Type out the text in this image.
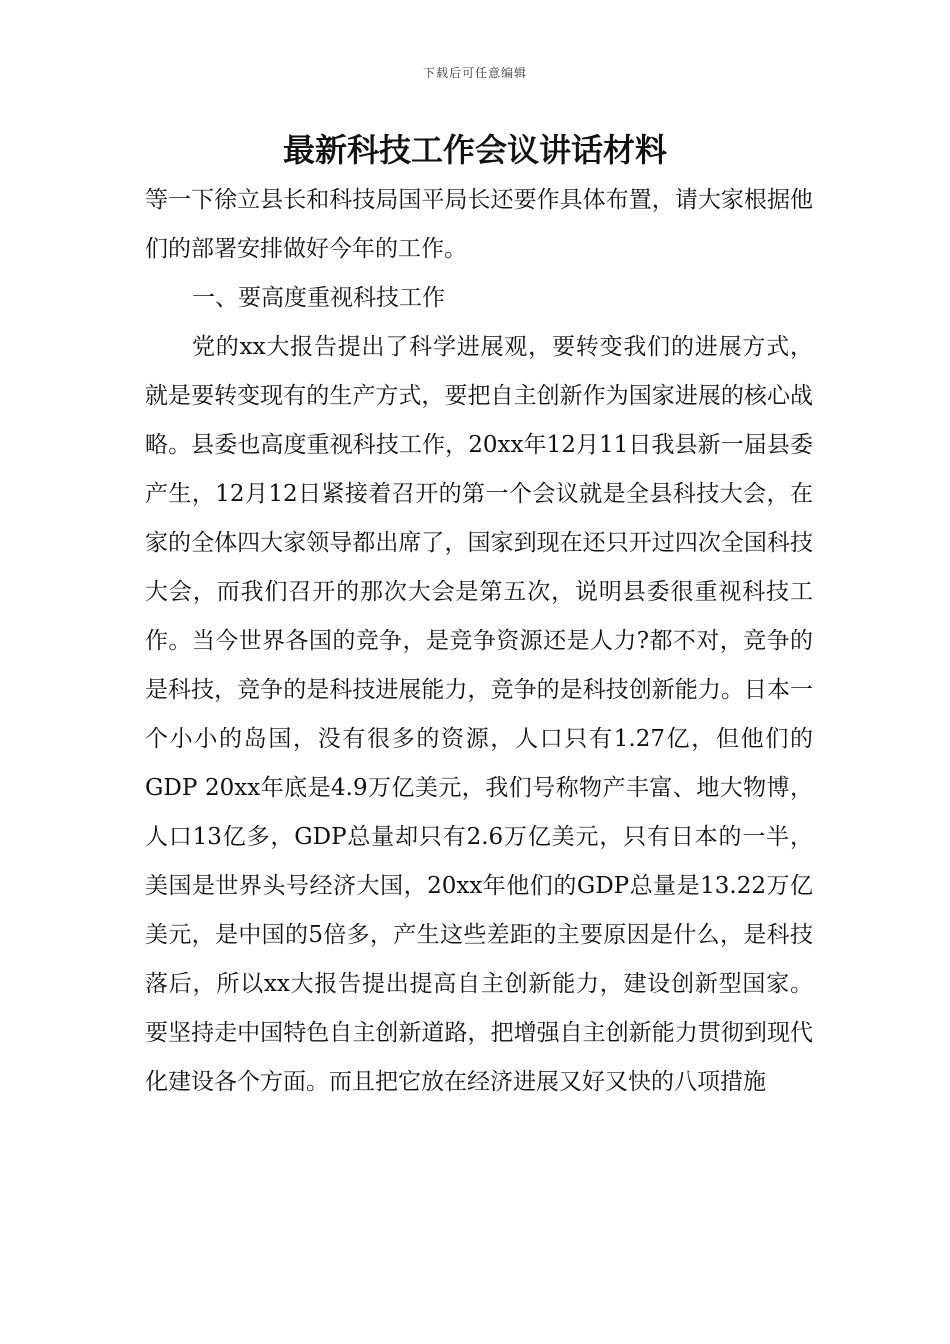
下载后可任意编辑
最新科技工作会议讲话材料

等一下徐立县长和科技局国平局长还要作具体布置，请大家根据他们的部署安排做好今年的工作。

一、要高度重视科技工作

党的xx大报告提出了科学进展观，要转变我们的进展方式，就是要转变现有的生产方式，要把自主创新作为国家进展的核心战略。县委也高度重视科技工作，20xx年12月11日我县新一届县委产生，12月12日紧接着召开的第一个会议就是全县科技大会，在家的全体四大家领导都出席了，国家到现在还只开过四次全国科技大会，而我们召开的那次大会是第五次，说明县委很重视科技工作。当今世界各国的竞争，是竞争资源还是人力?都不对，竞争的是科技，竞争的是科技进展能力，竞争的是科技创新能力。日本一个小小的岛国，没有很多的资源，人口只有1.27亿，但他们的GDP 20xx年底是4.9万亿美元，我们号称物产丰富、地大物博，人口13亿多，GDP总量却只有2.6万亿美元，只有日本的一半，美国是世界头号经济大国，20xx年他们的GDP总量是13.22万亿美元，是中国的5倍多，产生这些差距的主要原因是什么，是科技落后，所以xx大报告提出提高自主创新能力，建设创新型国家。要坚持走中国特色自主创新道路，把增强自主创新能力贯彻到现代化建设各个方面。而且把它放在经济进展又好又快的八项措施
